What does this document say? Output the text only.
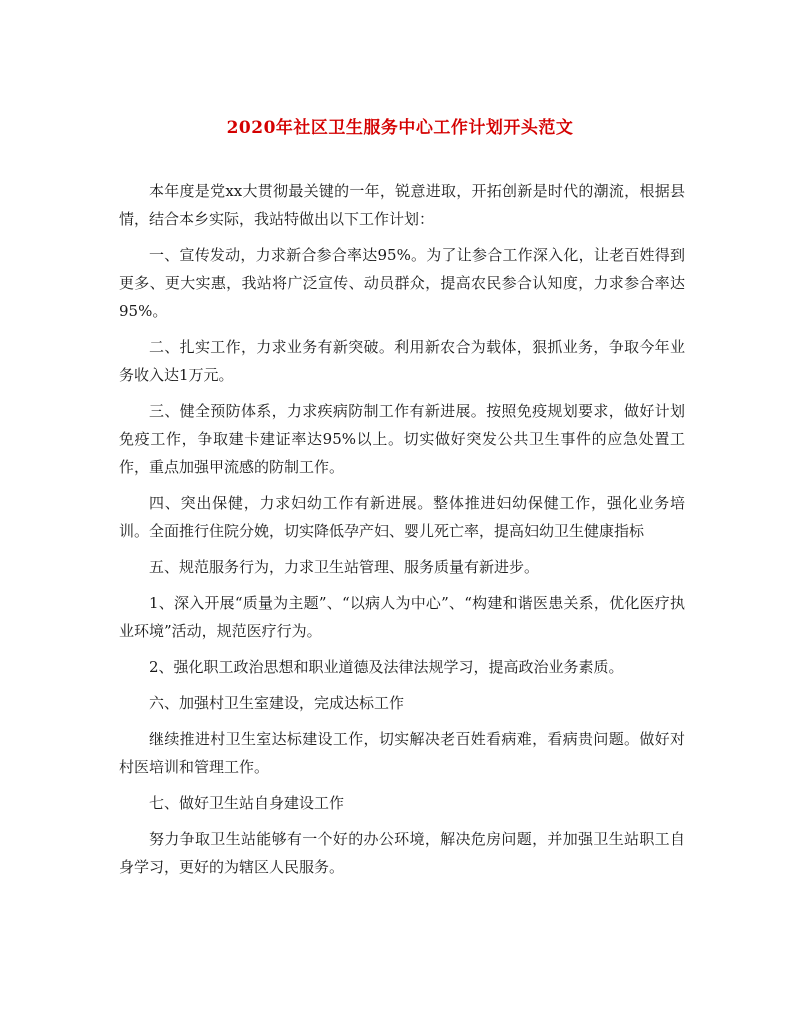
2020年社区卫生服务中心工作计划开头范文

本年度是党xx大贯彻最关键的一年，锐意进取，开拓创新是时代的潮流，根据县情，结合本乡实际，我站特做出以下工作计划：

一、宣传发动，力求新合参合率达95%。为了让参合工作深入化，让老百姓得到更多、更大实惠，我站将广泛宣传、动员群众，提高农民参合认知度，力求参合率达95%。

二、扎实工作，力求业务有新突破。利用新农合为载体，狠抓业务，争取今年业务收入达1万元。

三、健全预防体系，力求疾病防制工作有新进展。按照免疫规划要求，做好计划免疫工作，争取建卡建证率达95%以上。切实做好突发公共卫生事件的应急处置工作，重点加强甲流感的防制工作。

四、突出保健，力求妇幼工作有新进展。整体推进妇幼保健工作，强化业务培训。全面推行住院分娩，切实降低孕产妇、婴儿死亡率，提高妇幼卫生健康指标

五、规范服务行为，力求卫生站管理、服务质量有新进步。

1、深入开展“质量为主题”、“以病人为中心”、“构建和谐医患关系，优化医疗执业环境”活动，规范医疗行为。

2、强化职工政治思想和职业道德及法律法规学习，提高政治业务素质。

六、加强村卫生室建设，完成达标工作

继续推进村卫生室达标建设工作，切实解决老百姓看病难，看病贵问题。做好对村医培训和管理工作。

七、做好卫生站自身建设工作

努力争取卫生站能够有一个好的办公环境，解决危房问题，并加强卫生站职工自身学习，更好的为辖区人民服务。
